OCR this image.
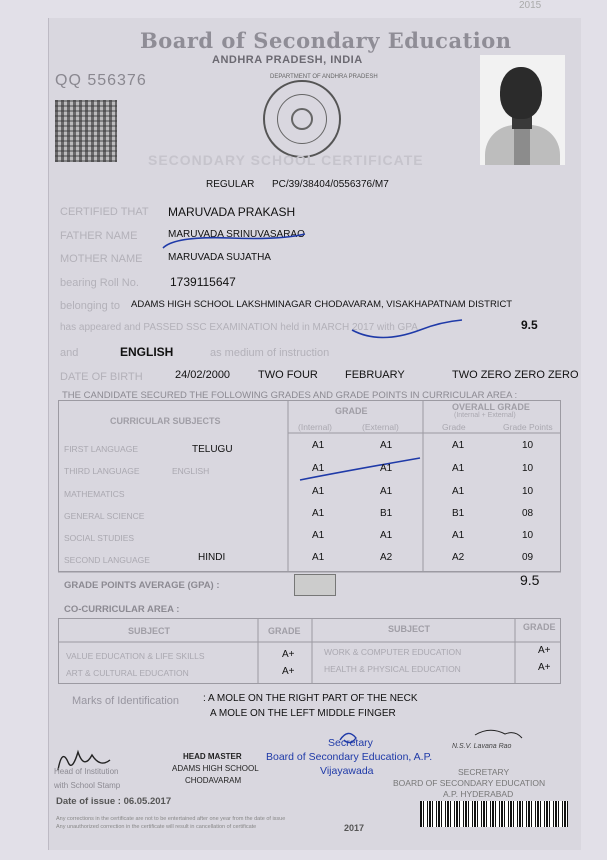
2015
Board of Secondary Education
ANDHRA PRADESH, INDIA
QQ 556376	DEPARTMENT OF ANDHRA PRADESH
SECONDARY SCHOOL CERTIFICATE
REGULAR PC/39/38404/0556376/M7
CERTIFIED THAT MARUVADA PRAKASH
FATHER NAME	MARUVADA SRINUVASARAO
MOTHER NAME	MARUVADA SUJATHA
bearing Roll No.	1739115647
belonging to ADAMS HIGH SCHOOL LAKSHMINAGAR CHODAVARAM, VISAKHAPATNAM DISTRICT
has appeared and PASSED SSC EXAMINATION held in MARCH 2017 with GPA	9.5
and	ENGLISH	as medium of instruction
DATE OF BIRTH	24/02/2000	TWO FOUR FEBRUARY	TWO ZERO ZERO ZERO
THE CANDIDATE SECURED THE FOLLOWING GRADES AND GRADE POINTS IN CURRICULAR AREA :
CURRICULAR SUBJECTS
GRADE
(Internal)	(External)
OVERALL GRADE
(Internal + External)
Grade	Grade Points
FIRST LANGUAGE	TELUGU	A1	A1	A1	10
THIRD LANGUAGE	ENGLISH	A1	A1	A1	10
MATHEMATICS	A1	A1	A1	10
GENERAL SCIENCE	A1	B1	B1	08
SOCIAL STUDIES	A1	A1	A1	10
SECOND LANGUAGE	HINDI	A1	A2	A2	09
GRADE POINTS AVERAGE (GPA) :	9.5
CO-CURRICULAR AREA :
SUBJECT	GRADE	SUBJECT	GRADE
VALUE EDUCATION & LIFE SKILLS	A+	WORK & COMPUTER EDUCATION	A+
ART & CULTURAL EDUCATION	A+	HEALTH & PHYSICAL EDUCATION	A+
Marks of Identification : A MOLE ON THE RIGHT PART OF THE NECK
A MOLE ON THE LEFT MIDDLE FINGER
Head of Institution
with School Stamp
HEAD MASTER
ADAMS HIGH SCHOOL
CHODAVARAM
Secretary
Board of Secondary Education, A.P.
Vijayawada
N.S.V. Lavana Rao
SECRETARY
BOARD OF SECONDARY EDUCATION
A.P. HYDERABAD
Date of issue : 06.05.2017
Any corrections in the certificate are not to be entertained after one year from the date of issue
Any unauthorized correction in the certificate will result in cancellation of certificate	2017
